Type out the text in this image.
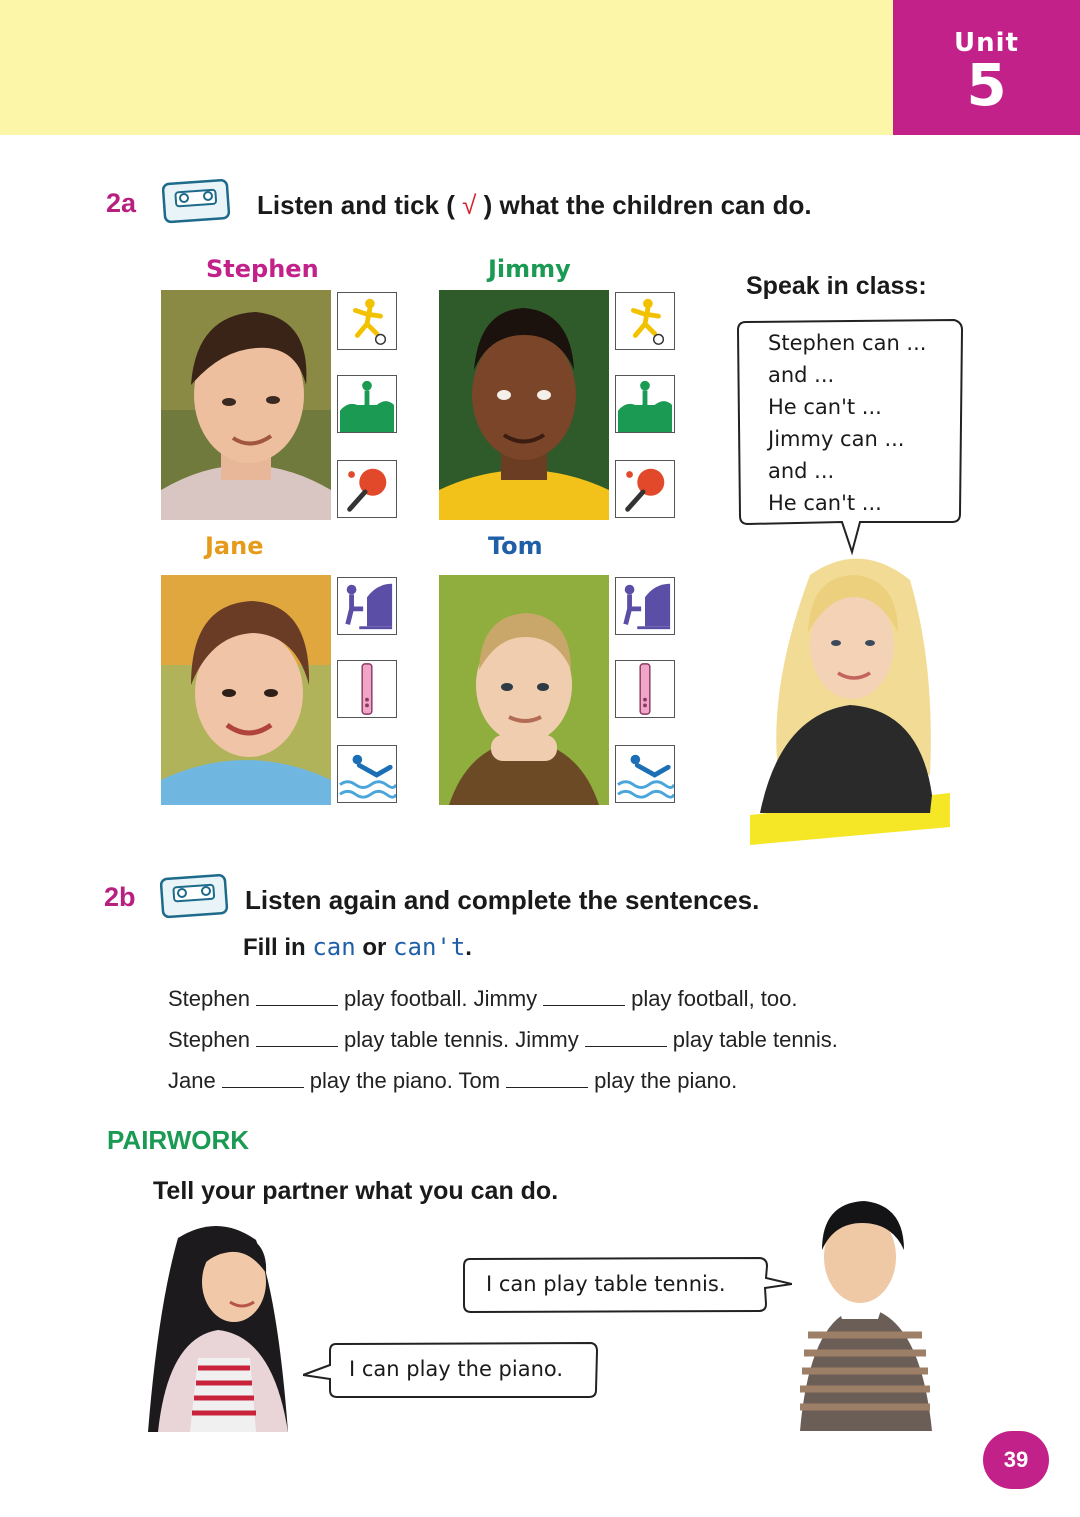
Unit
5
2a	Listen and tick ( √ ) what the children can do.
Stephen	Jimmy
Jane	Tom
Speak in class:
Stephen can ...
and ...
He can't ...
Jimmy can ...
and ...
He can't ...
2b	Listen again and complete the sentences.
Fill in can or can't.
Stephen	play football. Jimmy	play football, too.
Stephen	play table tennis. Jimmy	play table tennis.
Jane	play the piano. Tom	play the piano.
PAIRWORK
Tell your partner what you can do.
I can play table tennis.
I can play the piano.
39
